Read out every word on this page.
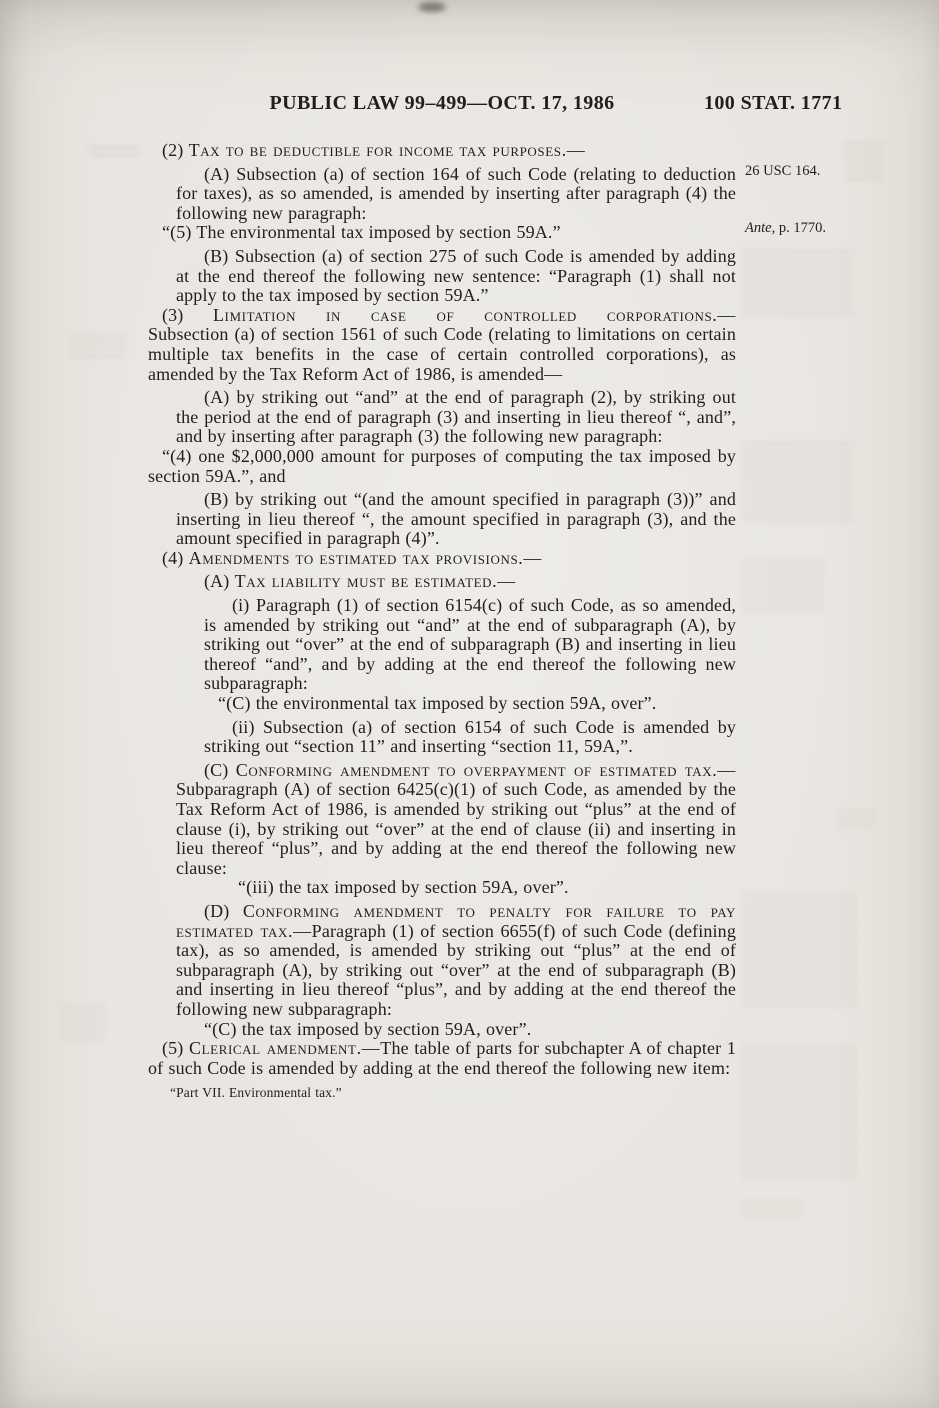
PUBLIC LAW 99–499—OCT. 17, 1986	100 STAT. 1771

(2) Tax to be deductible for income tax purposes.—

(A) Subsection (a) of section 164 of such Code (relating to deduction for taxes), as so amended, is amended by inserting after paragraph (4) the following new paragraph:

“(5) The environmental tax imposed by section 59A.”

(B) Subsection (a) of section 275 of such Code is amended by adding at the end thereof the following new sentence: “Paragraph (1) shall not apply to the tax imposed by section 59A.”

(3) Limitation in case of controlled corporations.—

Subsection (a) of section 1561 of such Code (relating to limitations on certain multiple tax benefits in the case of certain controlled corporations), as amended by the Tax Reform Act of 1986, is amended—

(A) by striking out “and” at the end of paragraph (2), by striking out the period at the end of paragraph (3) and inserting in lieu thereof “, and”, and by inserting after paragraph (3) the following new paragraph:

“(4) one $2,000,000 amount for purposes of computing the tax imposed by section 59A.”, and

(B) by striking out “(and the amount specified in paragraph (3))” and inserting in lieu thereof “, the amount specified in paragraph (3), and the amount specified in paragraph (4)”.

(4) Amendments to estimated tax provisions.—

(A) Tax liability must be estimated.—

(i) Paragraph (1) of section 6154(c) of such Code, as so amended, is amended by striking out “and” at the end of subparagraph (A), by striking out “over” at the end of subparagraph (B) and inserting in lieu thereof “and”, and by adding at the end thereof the following new subparagraph:

“(C) the environmental tax imposed by section 59A, over”.

(ii) Subsection (a) of section 6154 of such Code is amended by striking out “section 11” and inserting “section 11, 59A,”.

(C) Conforming amendment to overpayment of estimated tax.—Subparagraph (A) of section 6425(c)(1) of such Code, as amended by the Tax Reform Act of 1986, is amended by striking out “plus” at the end of clause (i), by striking out “over” at the end of clause (ii) and inserting in lieu thereof “plus”, and by adding at the end thereof the following new clause:

“(iii) the tax imposed by section 59A, over”.

(D) Conforming amendment to penalty for failure to pay estimated tax.—Paragraph (1) of section 6655(f) of such Code (defining tax), as so amended, is amended by striking out “plus” at the end of subparagraph (A), by striking out “over” at the end of subparagraph (B) and inserting in lieu thereof “plus”, and by adding at the end thereof the following new subparagraph:

“(C) the tax imposed by section 59A, over”.

(5) Clerical amendment.—The table of parts for subchapter A of chapter 1 of such Code is amended by adding at the end thereof the following new item:

“Part VII. Environmental tax.”

26 USC 164.
Ante, p. 1770.
